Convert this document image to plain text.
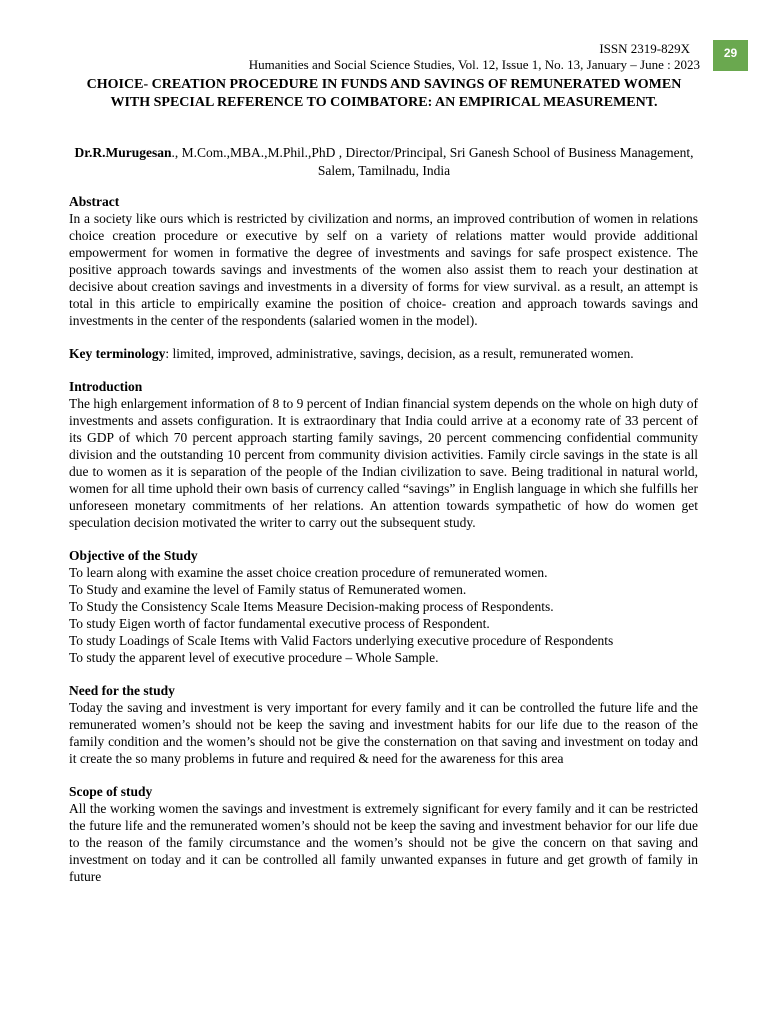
29
ISSN 2319-829X
Humanities and Social Science Studies, Vol. 12, Issue 1, No. 13, January – June : 2023
CHOICE- CREATION PROCEDURE IN FUNDS AND SAVINGS OF REMUNERATED WOMEN WITH SPECIAL REFERENCE TO COIMBATORE: AN EMPIRICAL MEASUREMENT.
Dr.R.Murugesan., M.Com.,MBA.,M.Phil.,PhD , Director/Principal, Sri Ganesh School of Business Management, Salem, Tamilnadu, India
Abstract

In a society like ours which is restricted by civilization and norms, an improved contribution of women in relations choice creation procedure or executive by self on a variety of relations matter would provide additional empowerment for women in formative the degree of investments and savings for safe prospect existence. The positive approach towards savings and investments of the women also assist them to reach your destination at decisive about creation savings and investments in a diversity of forms for view survival. as a result, an attempt is total in this article to empirically examine the position of choice- creation and approach towards savings and investments in the center of the respondents (salaried women in the model).

Key terminology: limited, improved, administrative, savings, decision, as a result, remunerated women.

Introduction

The high enlargement information of 8 to 9 percent of Indian financial system depends on the whole on high duty of investments and assets configuration. It is extraordinary that India could arrive at a economy rate of 33 percent of its GDP of which 70 percent approach starting family savings, 20 percent commencing confidential community division and the outstanding 10 percent from community division activities. Family circle savings in the state is all due to women as it is separation of the people of the Indian civilization to save. Being traditional in natural world, women for all time uphold their own basis of currency called “savings” in English language in which she fulfills her unforeseen monetary commitments of her relations. An attention towards sympathetic of how do women get speculation decision motivated the writer to carry out the subsequent study.

Objective of the Study
To learn along with examine the asset choice creation procedure of remunerated women.
To Study and examine the level of Family status of Remunerated women.
To Study the Consistency Scale Items Measure Decision-making process of Respondents.
To study Eigen worth of factor fundamental executive process of Respondent.
To study Loadings of Scale Items with Valid Factors underlying executive procedure of Respondents
To study the apparent level of executive procedure – Whole Sample.
Need for the study

Today the saving and investment is very important for every family and it can be controlled the future life and the remunerated women’s should not be keep the saving and investment habits for our life due to the reason of the family condition and the women’s should not be give the consternation on that saving and investment on today and it create the so many problems in future and required & need for the awareness for this area

Scope of study

All the working women the savings and investment is extremely significant for every family and it can be restricted the future life and the remunerated women’s should not be keep the saving and investment behavior for our life due to the reason of the family circumstance and the women’s should not be give the concern on that saving and investment on today and it can be controlled all family unwanted expanses in future and get growth of family in future
